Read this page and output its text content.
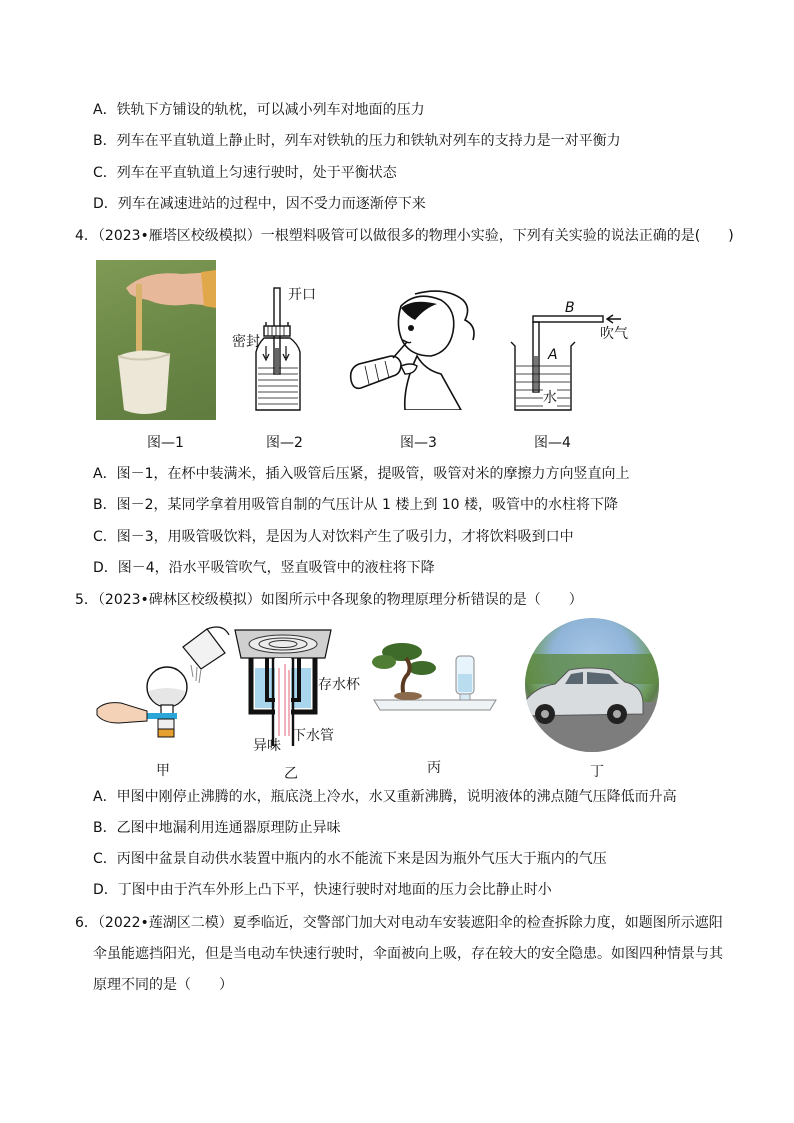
A．铁轨下方铺设的轨枕，可以减小列车对地面的压力
B．列车在平直轨道上静止时，列车对铁轨的压力和铁轨对列车的支持力是一对平衡力
C．列车在平直轨道上匀速行驶时，处于平衡状态
D．列车在减速进站的过程中，因不受力而逐渐停下来
4．（2023•雁塔区校级模拟）一根塑料吸管可以做很多的物理小实验，下列有关实验的说法正确的是(　　)
开口
密封
B
吹气
A
水
图—1	图—2	图—3	图—4
A．图－1，在杯中装满米，插入吸管后压紧，提吸管，吸管对米的摩擦力方向竖直向上
B．图－2，某同学拿着用吸管自制的气压计从 1 楼上到 10 楼，吸管中的水柱将下降
C．图－3，用吸管吸饮料，是因为人对饮料产生了吸引力，才将饮料吸到口中
D．图－4，沿水平吸管吹气，竖直吸管中的液柱将下降
5．（2023•碑林区校级模拟）如图所示中各现象的物理原理分析错误的是（　　）
存水杯
下水管
异味
甲	乙	丙	丁
A．甲图中刚停止沸腾的水，瓶底浇上冷水，水又重新沸腾，说明液体的沸点随气压降低而升高
B．乙图中地漏利用连通器原理防止异味
C．丙图中盆景自动供水装置中瓶内的水不能流下来是因为瓶外气压大于瓶内的气压
D．丁图中由于汽车外形上凸下平，快速行驶时对地面的压力会比静止时小
6．（2022•莲湖区二模）夏季临近，交警部门加大对电动车安装遮阳伞的检查拆除力度，如题图所示遮阳
伞虽能遮挡阳光，但是当电动车快速行驶时，伞面被向上吸，存在较大的安全隐患。如图四种情景与其
原理不同的是（　　）
